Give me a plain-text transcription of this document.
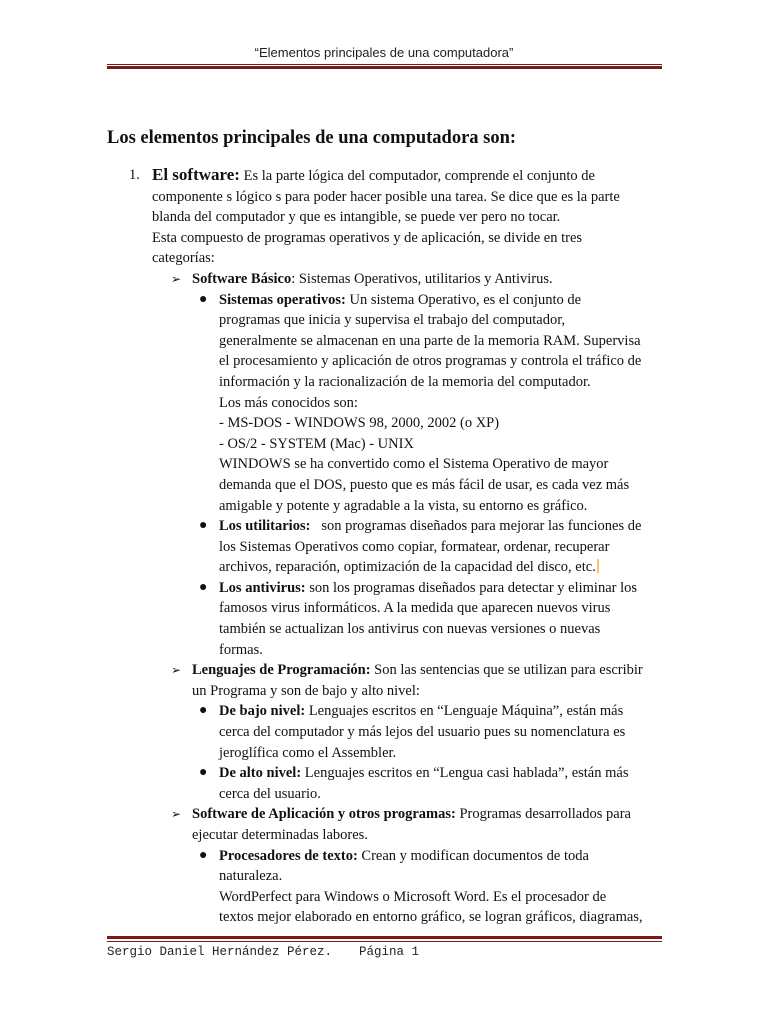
“Elementos principales de una computadora”
Los elementos principales de una computadora son:
1. El software: Es la parte lógica del computador, comprende el conjunto de
componente s lógico s para poder hacer posible una tarea. Se dice que es la parte
blanda del computador y que es intangible, se puede ver pero no tocar.
Esta compuesto de programas operativos y de aplicación, se divide en tres
categorías:
➢ Software Básico: Sistemas Operativos, utilitarios y Antivirus.
● Sistemas operativos: Un sistema Operativo, es el conjunto de
programas que inicia y supervisa el trabajo del computador,
generalmente se almacenan en una parte de la memoria RAM. Supervisa
el procesamiento y aplicación de otros programas y controla el tráfico de
información y la racionalización de la memoria del computador.
Los más conocidos son:
- MS-DOS - WINDOWS 98, 2000, 2002 (o XP)
- OS/2 - SYSTEM (Mac) - UNIX
WINDOWS se ha convertido como el Sistema Operativo de mayor
demanda que el DOS, puesto que es más fácil de usar, es cada vez más
amigable y potente y agradable a la vista, su entorno es gráfico.
● Los utilitarios:   son programas diseñados para mejorar las funciones de
los Sistemas Operativos como copiar, formatear, ordenar, recuperar
archivos, reparación, optimización de la capacidad del disco, etc.
● Los antivirus: son los programas diseñados para detectar y eliminar los
famosos virus informáticos. A la medida que aparecen nuevos virus
también se actualizan los antivirus con nuevas versiones o nuevas
formas.
➢ Lenguajes de Programación: Son las sentencias que se utilizan para escribir
un Programa y son de bajo y alto nivel:
● De bajo nivel: Lenguajes escritos en “Lenguaje Máquina”, están más
cerca del computador y más lejos del usuario pues su nomenclatura es
jeroglífica como el Assembler.
● De alto nivel: Lenguajes escritos en “Lengua casi hablada”, están más
cerca del usuario.
➢ Software de Aplicación y otros programas: Programas desarrollados para
ejecutar determinadas labores.
● Procesadores de texto: Crean y modifican documentos de toda
naturaleza.
WordPerfect para Windows o Microsoft Word. Es el procesador de
textos mejor elaborado en entorno gráfico, se logran gráficos, diagramas,
Sergio Daniel Hernández Pérez. Página 1
